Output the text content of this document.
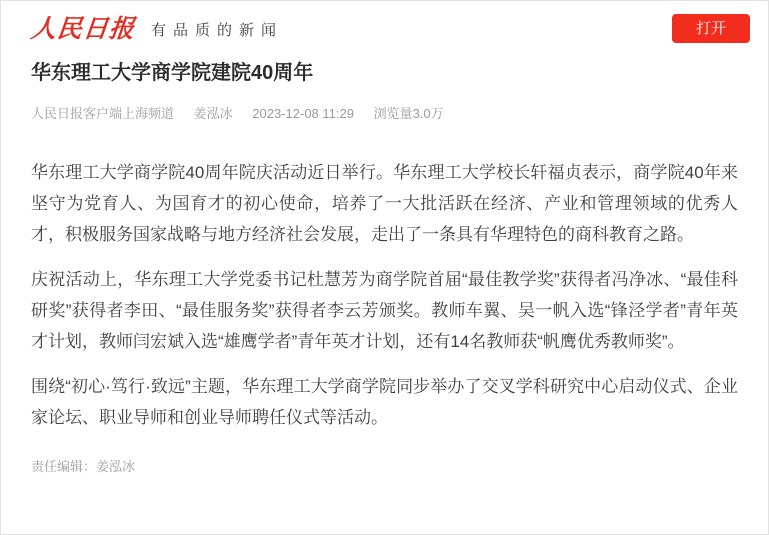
人民日报 有品质的新闻	打开
华东理工大学商学院建院40周年
人民日报客户端上海频道 姜泓冰 2023-12-08 11:29 浏览量3.0万

华东理工大学商学院40周年院庆活动近日举行。华东理工大学校长轩福贞表示，商学院40年来坚守为党育人、为国育才的初心使命，培养了一大批活跃在经济、产业和管理领域的优秀人才，积极服务国家战略与地方经济社会发展，走出了一条具有华理特色的商科教育之路。

庆祝活动上，华东理工大学党委书记杜慧芳为商学院首届“最佳教学奖”获得者冯净冰、“最佳科研奖”获得者李田、“最佳服务奖”获得者李云芳颁奖。教师车翼、吴一帆入选“锋泾学者”青年英才计划，教师闫宏斌入选“雄鹰学者”青年英才计划，还有14名教师获“帆鹰优秀教师奖”。

围绕“初心·笃行·致远”主题，华东理工大学商学院同步举办了交叉学科研究中心启动仪式、企业家论坛、职业导师和创业导师聘任仪式等活动。

责任编辑：姜泓冰
